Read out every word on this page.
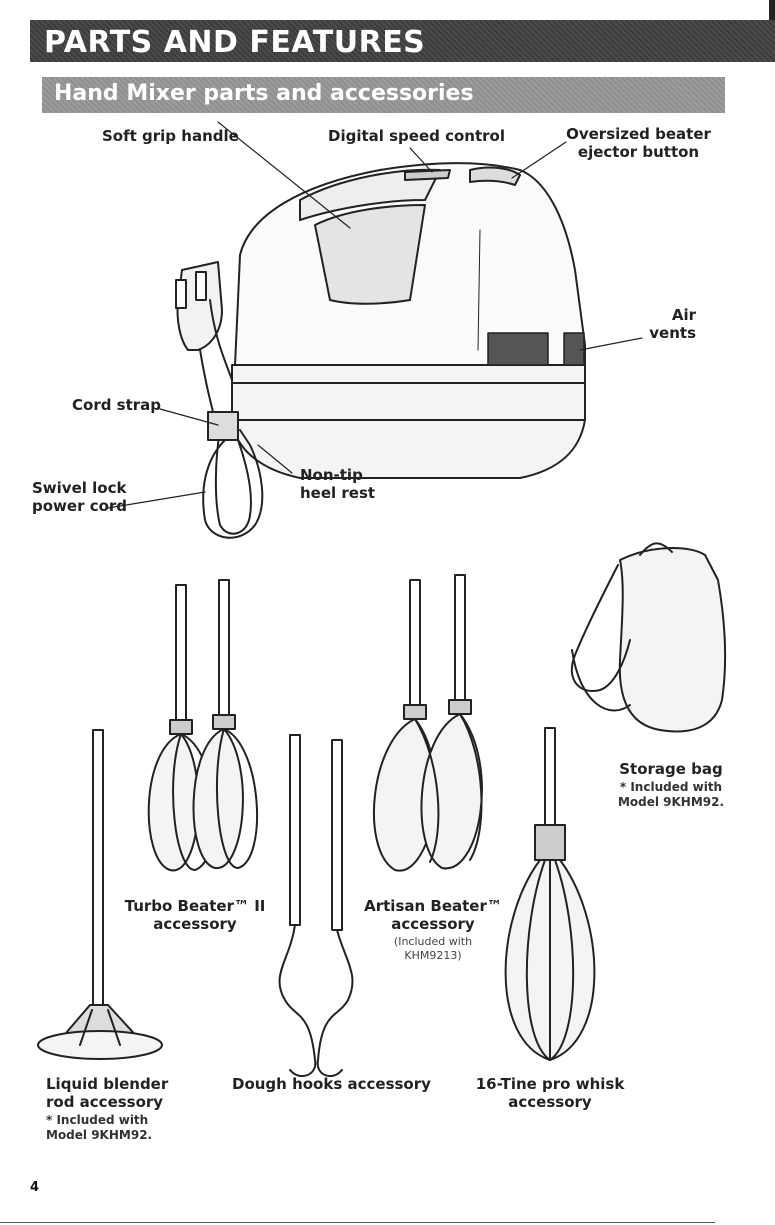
PARTS AND FEATURES
Hand Mixer parts and accessories
Soft grip handle	Digital speed control	Oversized beater
ejector button
Air
vents
Cord strap
Swivel lock
power cord
Non-tip
heel rest
Storage bag
* Included with
Model 9KHM92.
Turbo Beater™ II
accessory
Artisan Beater™
accessory
(Included with
KHM9213)
Liquid blender
rod accessory
* Included with
Model 9KHM92.
Dough hooks accessory	16-Tine pro whisk
accessory
4
